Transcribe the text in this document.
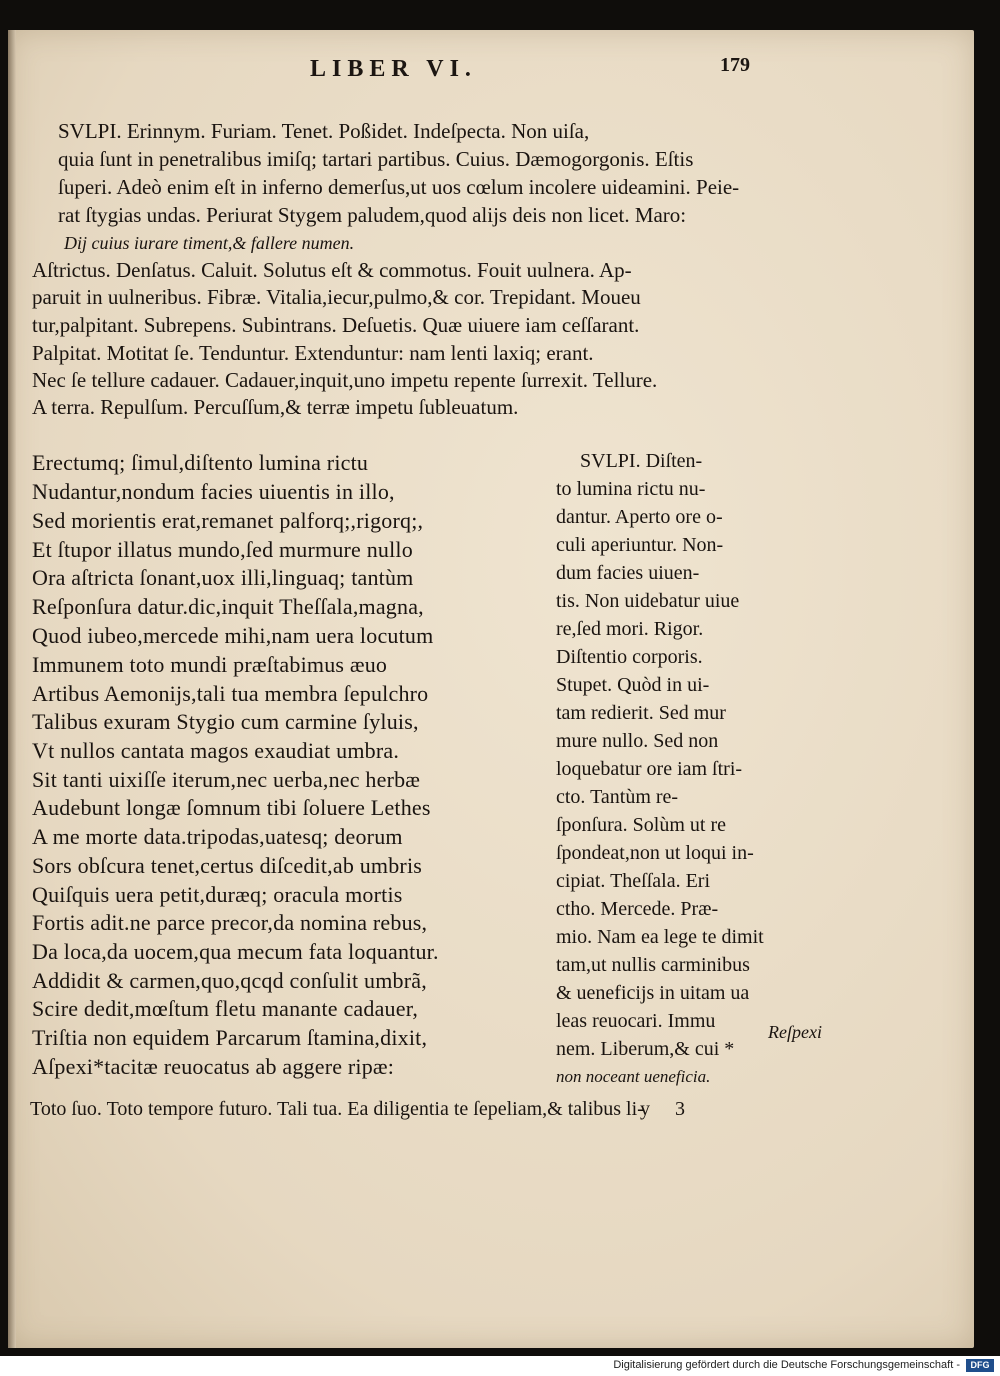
LIBER VI.	179
SVLPI. Erinnym. Furiam. Tenet. Poßidet. Indeſpecta. Non uiſa,
quia ſunt in penetralibus imiſq; tartari partibus. Cuius. Dæmogorgonis. Eſtis
ſuperi. Adeò enim eſt in inferno demerſus,ut uos cœlum incolere uideamini. Peie-
rat ſtygias undas. Periurat Stygem paludem,quod alijs deis non licet. Maro:
Dij cuius iurare timent,& fallere numen.
Aſtrictus. Denſatus. Caluit. Solutus eſt & commotus. Fouit uulnera. Ap-
paruit in uulneribus. Fibræ. Vitalia,iecur,pulmo,& cor. Trepidant. Moueu
tur,palpitant. Subrepens. Subintrans. Deſuetis. Quæ uiuere iam ceſſarant.
Palpitat. Motitat ſe. Tenduntur. Extenduntur: nam lenti laxiq; erant.
Nec ſe tellure cadauer. Cadauer,inquit,uno impetu repente ſurrexit. Tellure.
A terra. Repulſum. Percuſſum,& terræ impetu ſubleuatum.
Erectumq; ſimul,diſtento lumina rictu
Nudantur,nondum facies uiuentis in illo,
Sed morientis erat,remanet palforq;,rigorq;,
Et ſtupor illatus mundo,ſed murmure nullo
Ora aſtricta ſonant,uox illi,linguaq; tantùm
Reſponſura datur.dic,inquit Theſſala,magna,
Quod iubeo,mercede mihi,nam uera locutum
Immunem toto mundi præſtabimus æuo
Artibus Aemonijs,tali tua membra ſepulchro
Talibus exuram Stygio cum carmine ſyluis,
Vt nullos cantata magos exaudiat umbra.
Sit tanti uixiſſe iterum,nec uerba,nec herbæ
Audebunt longæ ſomnum tibi ſoluere Lethes
A me morte data.tripodas,uatesq; deorum
Sors obſcura tenet,certus diſcedit,ab umbris
Quiſquis uera petit,duræq; oracula mortis
Fortis adit.ne parce precor,da nomina rebus,
Da loca,da uocem,qua mecum fata loquantur.
Addidit & carmen,quo,qcqd conſulit umbrã,
Scire dedit,mœſtum fletu manante cadauer,
Triſtia non equidem Parcarum ſtamina,dixit,
Aſpexi*tacitæ reuocatus ab aggere ripæ:
SVLPI. Diſten-
to lumina rictu nu-
dantur. Aperto ore o-
culi aperiuntur. Non-
dum facies uiuen-
tis. Non uidebatur uiue
re,ſed mori. Rigor.
Diſtentio corporis.
Stupet. Quòd in ui-
tam redierit. Sed mur
mure nullo. Sed non
loquebatur ore iam ſtri-
cto. Tantùm re-
ſponſura. Solùm ut re
ſpondeat,non ut loqui in-
cipiat. Theſſala. Eri
ctho. Mercede. Præ-
mio. Nam ea lege te dimit
tam,ut nullis carminibus
& ueneficijs in uitam ua
leas reuocari. Immu
nem. Liberum,& cui *
non noceant ueneficia.
Reſpexi
Toto ſuo. Toto tempore futuro. Tali tua. Ea diligentia te ſepeliam,& talibus li-
y 3
Digitalisierung gefördert durch die Deutsche Forschungsgemeinschaft -	DFG
